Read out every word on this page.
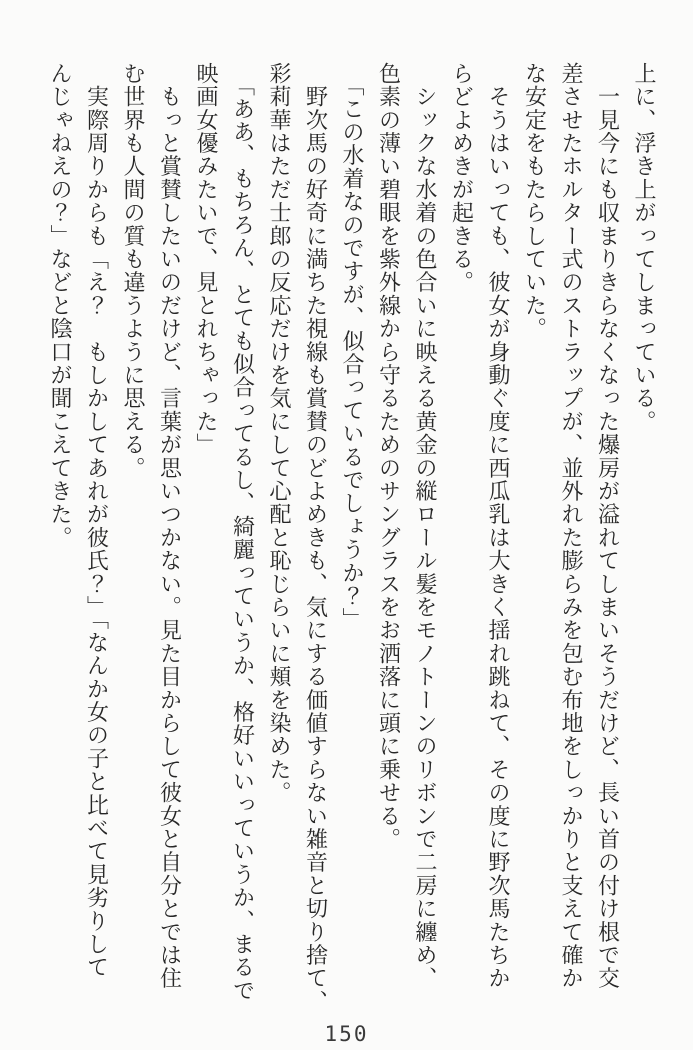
上に、浮き上がってしまっている。
　一見今にも収まりきらなくなった爆房が溢れてしまいそうだけど、長い首の付け根で交
差させたホルター式のストラップが、並外れた膨らみを包む布地をしっかりと支えて確か
な安定をもたらしていた。
　そうはいっても、彼女が身動ぐ度に西瓜乳は大きく揺れ跳ねて、その度に野次馬たちか
らどよめきが起きる。
　シックな水着の色合いに映える黄金の縦ロール髪をモノトーンのリボンで二房に纏め、
色素の薄い碧眼を紫外線から守るためのサングラスをお洒落に頭に乗せる。
　「この水着なのですが、似合っているでしょうか？」
　野次馬の好奇に満ちた視線も賞賛のどよめきも、気にする価値すらない雑音と切り捨て、
彩莉華はただ士郎の反応だけを気にして心配と恥じらいに頬を染めた。
　「ああ、もちろん、とても似合ってるし、綺麗っていうか、格好いいっていうか、まるで
映画女優みたいで、見とれちゃった」
　もっと賞賛したいのだけど、言葉が思いつかない。見た目からして彼女と自分とでは住
む世界も人間の質も違うように思える。
　実際周りからも「え？　もしかしてあれが彼氏？」「なんか女の子と比べて見劣りして
んじゃねえの？」などと陰口が聞こえてきた。
150
